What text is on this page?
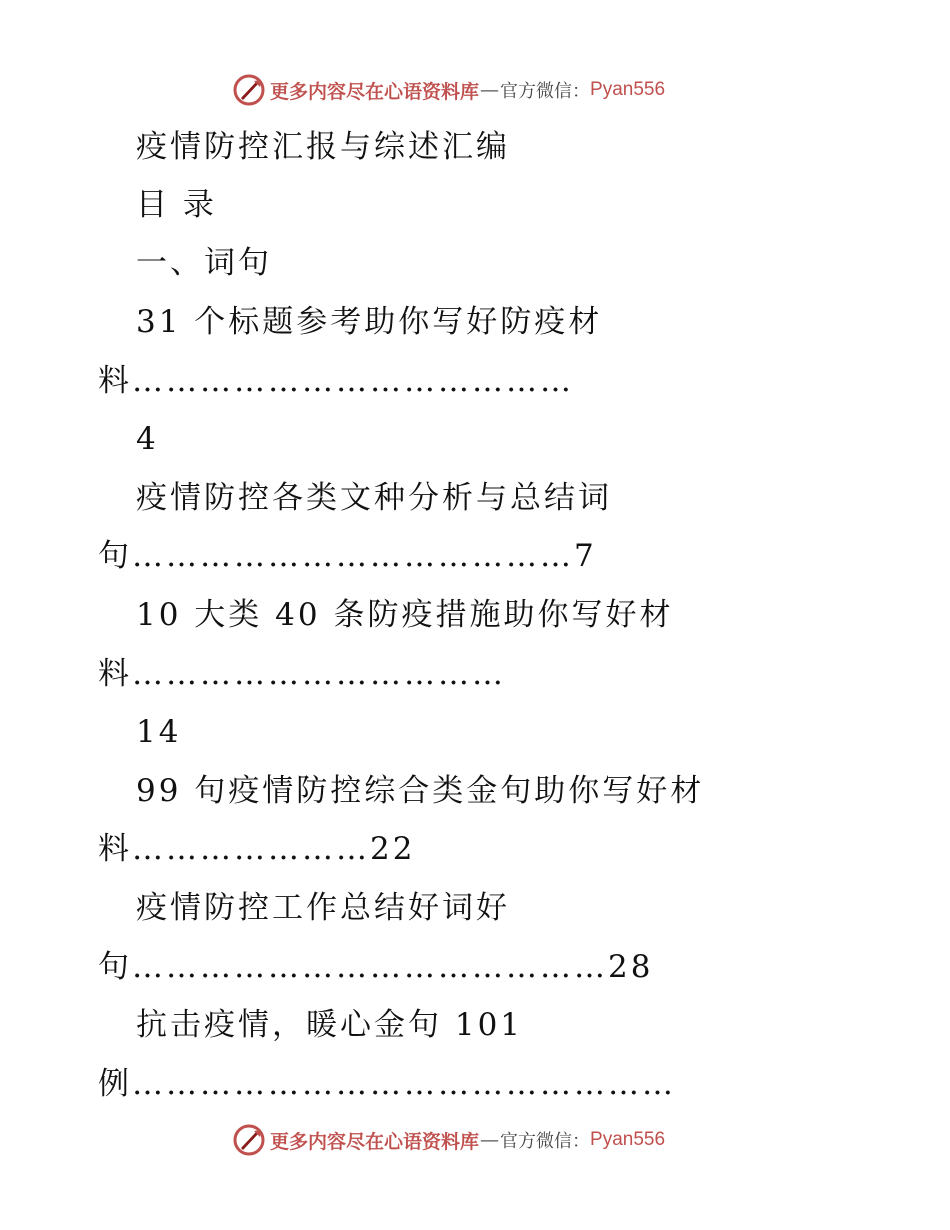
更多内容尽在心语资料库 — 官方微信： Pyan556
疫情防控汇报与综述汇编
目 录
一、词句
31 个标题参考助你写好防疫材
料…………………………………
4
疫情防控各类文种分析与总结词
句…………………………………7
10 大类 40 条防疫措施助你写好材
料……………………………
14
99 句疫情防控综合类金句助你写好材
料…………………22
疫情防控工作总结好词好
句……………………………………28
抗击疫情，暖心金句 101
例…………………………………………
更多内容尽在心语资料库 — 官方微信： Pyan556
